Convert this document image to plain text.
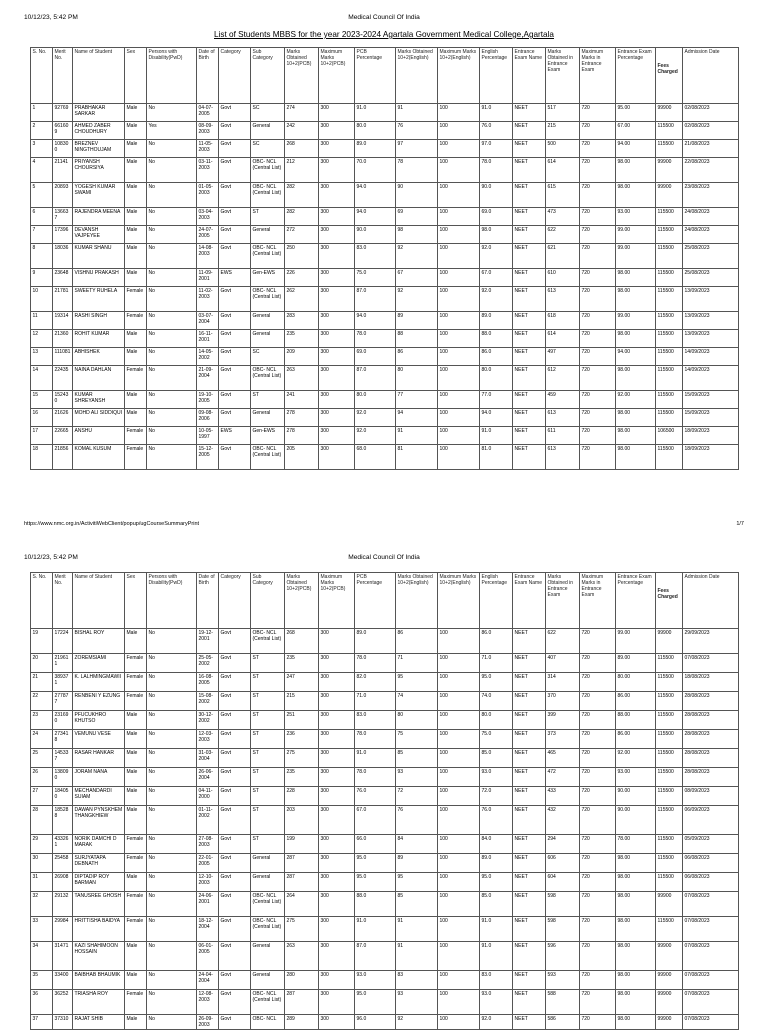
10/12/23, 5:42 PM	Medical Council Of India
List of Students MBBS for the year 2023-2024 Agartala Government Medical College,Agartala
S. No.	Merit No.	Name of Student	Sex	Persons with Disability(PwD)	Date of Birth	Category	Sub Category	Marks Obtained 10+2(PCB)	Maximum Marks 10+2(PCB)	PCB Percentage	Marks Obtained 10+2(English)	Maximum Marks 10+2(English)	English Percentage	Entrance Exam Name	Marks Obtained in Entrance Exam	Maximum Marks in Entrance Exam	Entrance Exam Percentage	Fees Charged	Admission Date
1	92769	PRABHAKAR SARKAR	Male	No	04-07-2005	Govt	SC	274	300	91.0	91	100	91.0	NEET	517	720	95.00	99900	02/08/2023
2	661609	AHMED ZABER CHOUDHURY	Male	Yes	08-09-2003	Govt	General	242	300	80.0	76	100	76.0	NEET	215	720	67.00	115500	02/08/2023
3	108300	BREZNEV NINGTHOUJAM	Male	No	11-05-2003	Govt	SC	268	300	89.0	97	100	97.0	NEET	500	720	94.00	115500	21/08/2023
4	21141	PRIYANSH CHOURSIYA	Male	No	03-11-2003	Govt	OBC- NCL (Central List)	212	300	70.0	78	100	78.0	NEET	614	720	98.00	99900	22/08/2023
5	20893	YOGESH KUMAR SWAMI	Male	No	01-05-2003	Govt	OBC- NCL (Central List)	282	300	94.0	90	100	90.0	NEET	615	720	98.00	99900	23/08/2023
6	136637	RAJENDRA MEENA	Male	No	03-04-2003	Govt	ST	282	300	94.0	69	100	69.0	NEET	473	720	93.00	115500	24/08/2023
7	17396	DEVANSH VAJPEYEE	Male	No	24-07-2005	Govt	General	272	300	90.0	98	100	98.0	NEET	622	720	99.00	115500	24/08/2023
8	18036	KUMAR SHANU	Male	No	14-08-2003	Govt	OBC- NCL (Central List)	250	300	83.0	92	100	92.0	NEET	621	720	99.00	115500	25/08/2023
9	23648	VISHNU PRAKASH	Male	No	11-09-2001	EWS	Gen-EWS	226	300	75.0	67	100	67.0	NEET	610	720	98.00	115500	25/08/2023
10	21781	SWEETY RUHELA	Female	No	11-02-2003	Govt	OBC- NCL (Central List)	262	300	87.0	92	100	92.0	NEET	613	720	98.00	115500	13/09/2023
11	19314	RASHI SINGH	Female	No	03-07-2004	Govt	General	283	300	94.0	89	100	89.0	NEET	618	720	99.00	115500	13/09/2023
12	21360	ROHIT KUMAR	Male	No	16-11-2001	Govt	General	235	300	78.0	88	100	88.0	NEET	614	720	98.00	115500	13/09/2023
13	111081	ABHISHEK	Male	No	14-05-2002	Govt	SC	209	300	69.0	86	100	86.0	NEET	497	720	94.00	115500	14/09/2023
14	22435	NAINA DAHLAN	Female	No	21-09-2004	Govt	OBC- NCL (Central List)	263	300	87.0	80	100	80.0	NEET	612	720	98.00	115500	14/09/2023
15	152430	KUMAR SHREYANSH	Male	No	19-10-2005	Govt	ST	241	300	80.0	77	100	77.0	NEET	459	720	92.00	115500	15/09/2023
16	21626	MOHD ALI SIDDIQUI	Male	No	09-08-2006	Govt	General	278	300	92.0	94	100	94.0	NEET	613	720	98.00	115500	15/09/2023
17	22665	ANSHU	Female	No	10-05-1997	EWS	Gen-EWS	278	300	92.0	91	100	91.0	NEET	611	720	98.00	106500	18/09/2023
18	21856	KOMAL KUSUM	Female	No	15-12-2005	Govt	OBC- NCL (Central List)	205	300	68.0	81	100	81.0	NEET	613	720	98.00	115500	18/09/2023
https://www.nmc.org.in/ActivitiWebClient/popup/ugCourseSummaryPrint	1/7
10/12/23, 5:42 PM	Medical Council Of India
S. No.	Merit No.	Name of Student	Sex	Persons with Disability(PwD)	Date of Birth	Category	Sub Category	Marks Obtained 10+2(PCB)	Maximum Marks 10+2(PCB)	PCB Percentage	Marks Obtained 10+2(English)	Maximum Marks 10+2(English)	English Percentage	Entrance Exam Name	Marks Obtained in Entrance Exam	Maximum Marks in Entrance Exam	Entrance Exam Percentage	Fees Charged	Admission Date
19	17224	BISHAL ROY	Male	No	19-12-2001	Govt	OBC- NCL (Central List)	268	300	89.0	86	100	86.0	NEET	622	720	99.00	99900	29/09/2023
20	219611	ZOREMSIAMI	Female	No	25-05-2002	Govt	ST	235	300	78.0	71	100	71.0	NEET	407	720	89.00	115500	07/08/2023
21	389371	K. LALHMINGMAWII	Female	No	16-08-2005	Govt	ST	247	300	82.0	95	100	95.0	NEET	314	720	80.00	115500	18/08/2023
22	277877	RENBENI Y EZUNG	Female	No	15-08-2002	Govt	ST	215	300	71.0	74	100	74.0	NEET	370	720	86.00	115500	28/08/2023
23	231690	PFUCUKHRO KHUTSO	Male	No	30-12-2002	Govt	ST	251	300	83.0	80	100	80.0	NEET	399	720	88.00	115500	28/08/2023
24	273418	VEMUNU VESE	Male	No	12-03-2003	Govt	ST	236	300	78.0	75	100	75.0	NEET	373	720	86.00	115500	28/08/2023
25	145337	RASAR HANKAR	Male	No	31-03-2004	Govt	ST	275	300	91.0	85	100	85.0	NEET	465	720	92.00	115500	28/08/2023
26	138090	JORAM NANA	Male	No	26-06-2004	Govt	ST	235	300	78.0	93	100	93.0	NEET	472	720	93.00	115500	28/08/2023
27	184050	MECHANDARDI SUIAM	Male	No	04-11-2000	Govt	ST	228	300	76.0	72	100	72.0	NEET	433	720	90.00	115500	08/09/2023
28	185288	DAWAN PYNSKHEM THANGKHIEW	Male	No	01-11-2002	Govt	ST	203	300	67.0	76	100	76.0	NEET	432	720	90.00	115500	06/09/2023
29	433261	NORIK DAMCHI D MARAK	Female	No	27-08-2003	Govt	ST	199	300	66.0	84	100	84.0	NEET	294	720	78.00	115500	05/09/2023
30	25458	SURJYATAPA DEBNATH	Female	No	22-01-2005	Govt	General	287	300	95.0	89	100	89.0	NEET	606	720	98.00	115500	06/08/2023
31	26908	DIPTADIP ROY BARMAN	Male	No	12-10-2003	Govt	General	287	300	95.0	95	100	95.0	NEET	604	720	98.00	115500	06/08/2023
32	29132	TANUSREE GHOSH	Female	No	24-06-2001	Govt	OBC- NCL (Central List)	264	300	88.0	85	100	85.0	NEET	598	720	98.00	99900	07/08/2023
33	29984	HRITTISHA BAIDYA	Female	No	18-12-2004	Govt	OBC- NCL (Central List)	275	300	91.0	91	100	91.0	NEET	598	720	98.00	115500	07/08/2023
34	31471	KAZI SHAHIMOON HOSSAIN	Male	No	06-01-2005	Govt	General	263	300	87.0	91	100	91.0	NEET	596	720	98.00	99900	07/08/2023
35	33400	BAIBHAB BHAUMIK	Male	No	24-04-2004	Govt	General	280	300	93.0	83	100	83.0	NEET	593	720	98.00	99900	07/08/2023
36	36252	TRIASHA ROY	Female	No	12-08-2003	Govt	OBC- NCL (Central List)	287	300	95.0	93	100	93.0	NEET	588	720	98.00	99900	07/08/2023
37	37310	RAJAT SHIB	Male	No	26-09-2003	Govt	OBC- NCL	289	300	96.0	92	100	92.0	NEET	586	720	98.00	99900	07/08/2023
